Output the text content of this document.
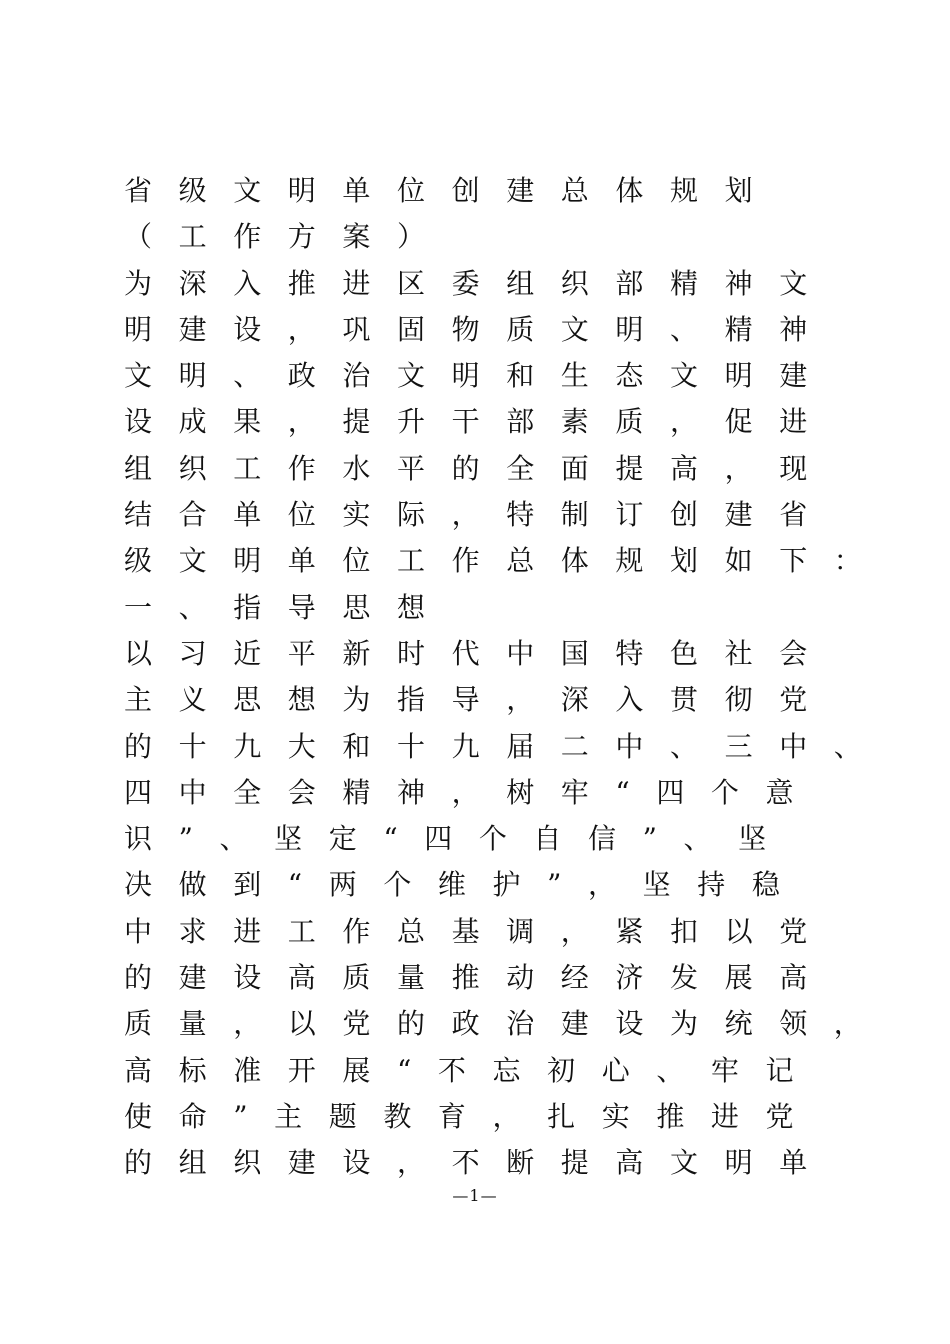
省级文明单位创建总体规划
（工作方案）
为深入推进区委组织部精神文
明建设，巩固物质文明、精神
文明、政治文明和生态文明建
设成果，提升干部素质，促进
组织工作水平的全面提高，现
结合单位实际，特制订创建省
级文明单位工作总体规划如下：
一、指导思想
以习近平新时代中国特色社会
主义思想为指导，深入贯彻党
的十九大和十九届二中、三中、
四中全会精神，树牢“四个意
识”、坚定“四个自信”、坚
决做到“两个维护”，坚持稳
中求进工作总基调，紧扣以党
的建设高质量推动经济发展高
质量，以党的政治建设为统领，
高标准开展“不忘初心、牢记
使命”主题教育，扎实推进党
的组织建设，不断提高文明单
—1—
